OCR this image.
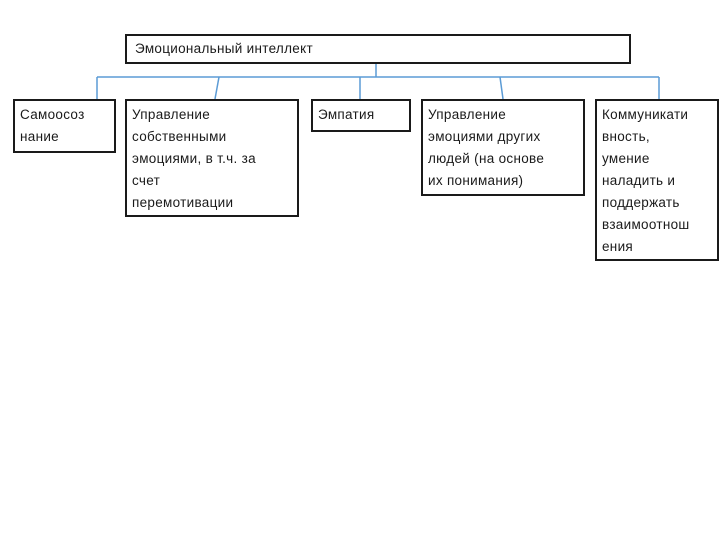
Эмоциональный интеллект
Самоосоз
нание
Управление
собственными
эмоциями, в т.ч. за
счет
перемотивации
Эмпатия	Управление
эмоциями других
людей (на основе
их понимания)
Коммуникати
вность,
умение
наладить и
поддержать
взаимоотнош
ения
